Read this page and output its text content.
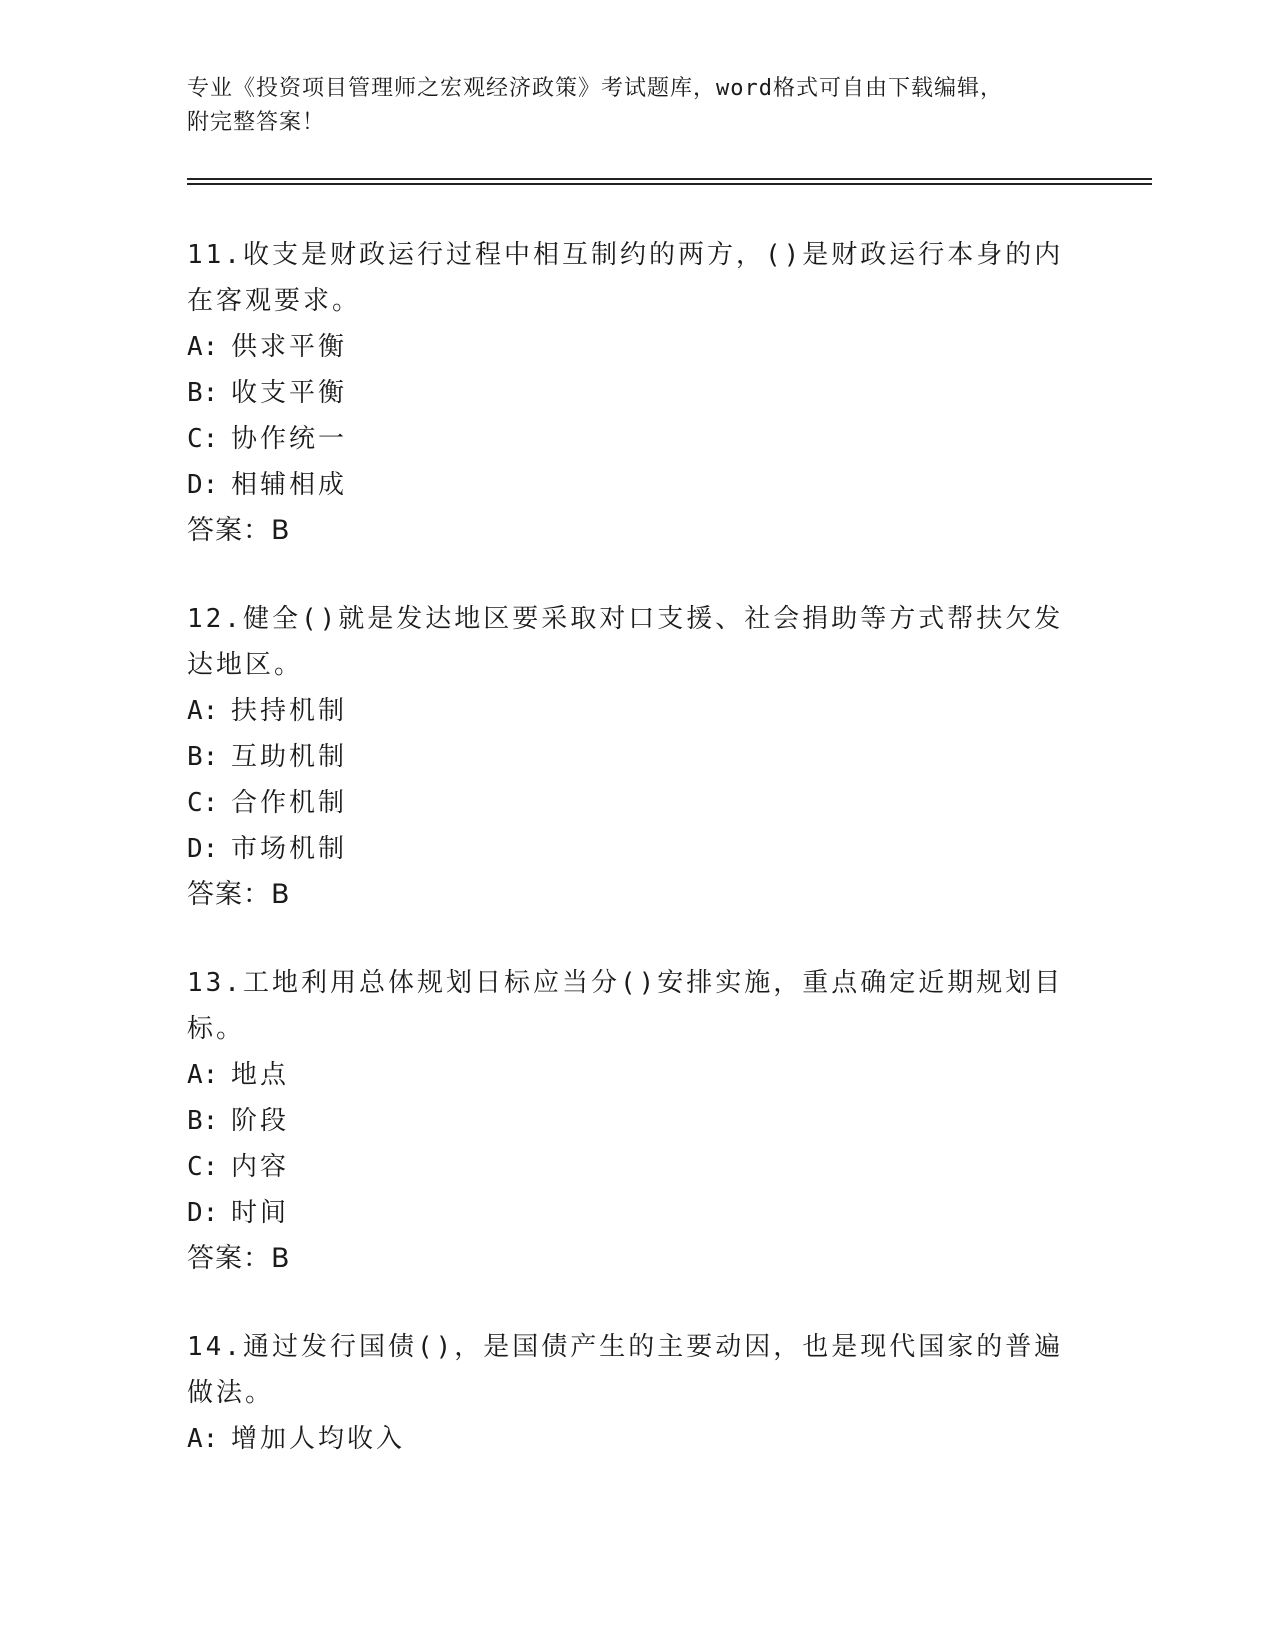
专业《投资项目管理师之宏观经济政策》考试题库，word格式可自由下载编辑，
附完整答案！
11.收支是财政运行过程中相互制约的两方，()是财政运行本身的内在客观要求。
A: 供求平衡
B: 收支平衡
C: 协作统一
D: 相辅相成
答案：B
12.健全()就是发达地区要采取对口支援、社会捐助等方式帮扶欠发达地区。
A: 扶持机制
B: 互助机制
C: 合作机制
D: 市场机制
答案：B
13.工地利用总体规划日标应当分()安排实施，重点确定近期规划目标。
A: 地点
B: 阶段
C: 内容
D: 时间
答案：B
14.通过发行国债()，是国债产生的主要动因，也是现代国家的普遍做法。
A: 增加人均收入
